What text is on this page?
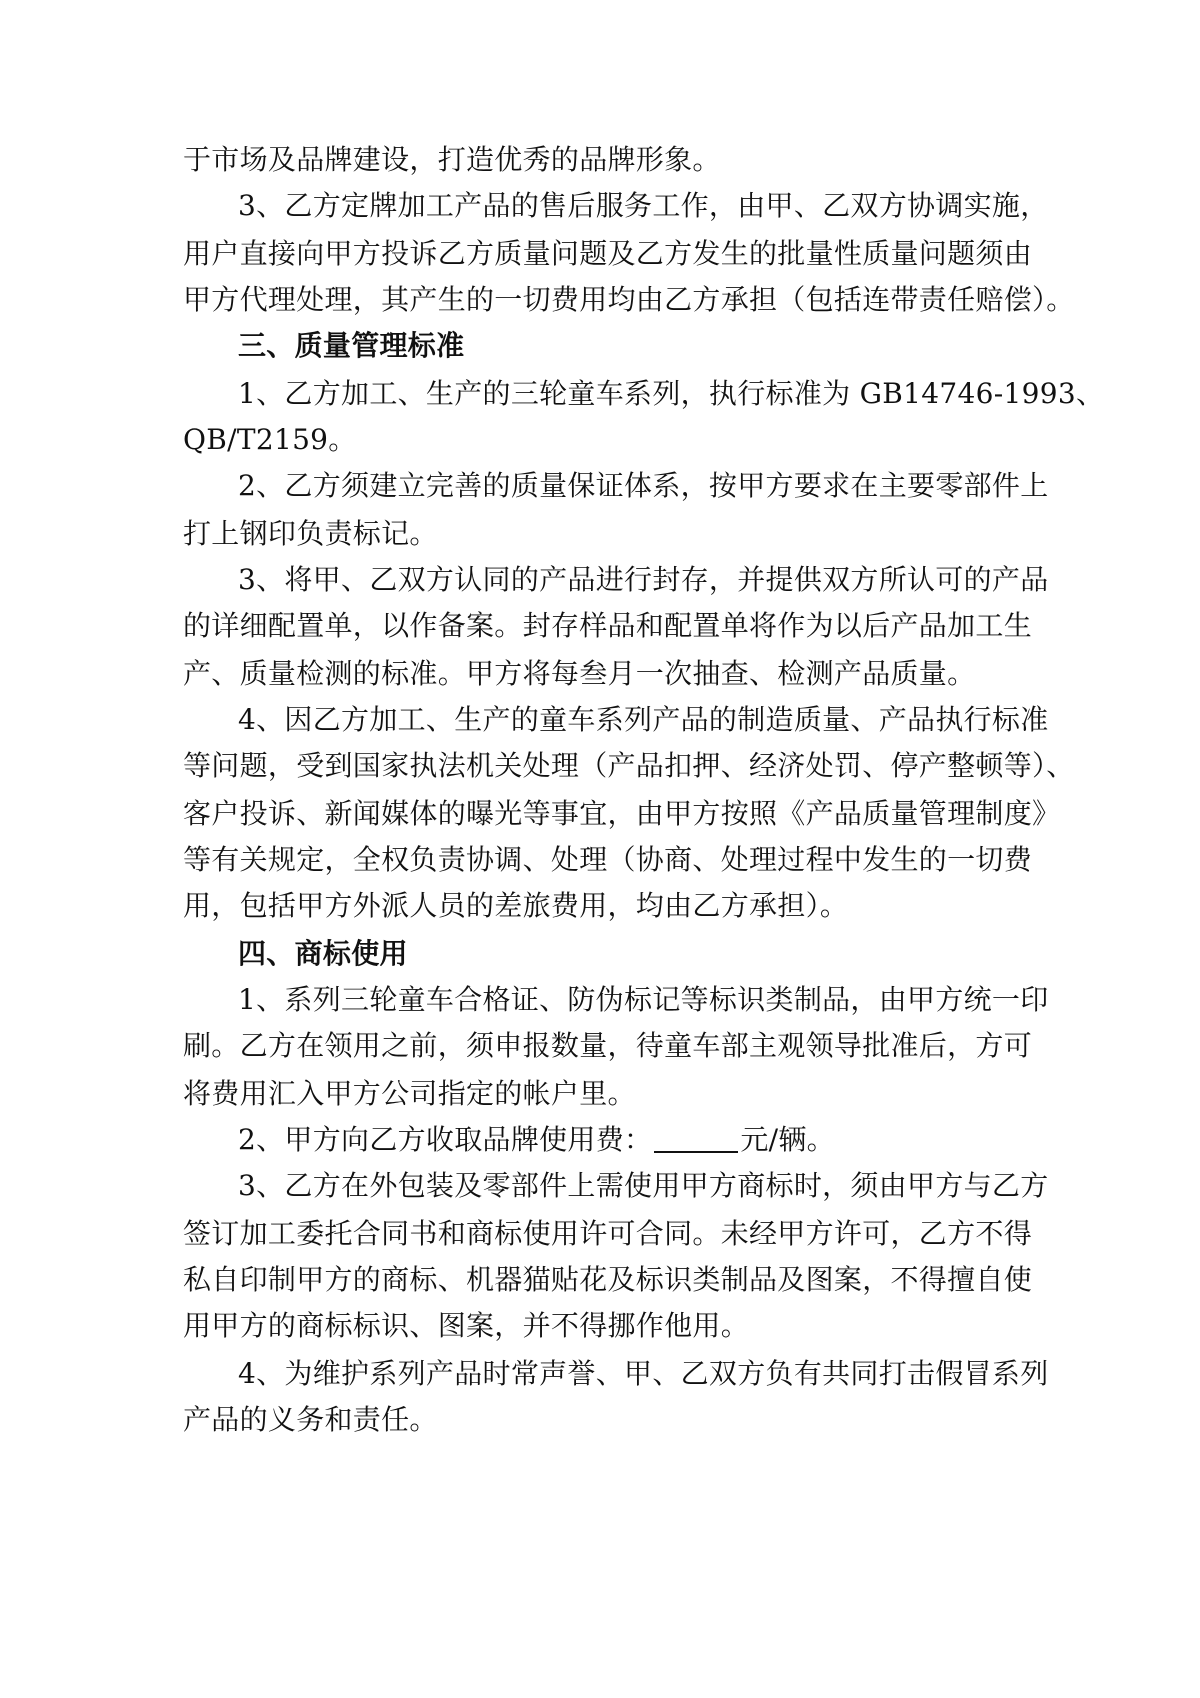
于市场及品牌建设，打造优秀的品牌形象。
3、乙方定牌加工产品的售后服务工作，由甲、乙双方协调实施，
用户直接向甲方投诉乙方质量问题及乙方发生的批量性质量问题须由
甲方代理处理，其产生的一切费用均由乙方承担（包括连带责任赔偿）。
三、质量管理标准
1、乙方加工、生产的三轮童车系列，执行标准为 GB14746-1993、
QB/T2159。
2、乙方须建立完善的质量保证体系，按甲方要求在主要零部件上
打上钢印负责标记。
3、将甲、乙双方认同的产品进行封存，并提供双方所认可的产品
的详细配置单，以作备案。封存样品和配置单将作为以后产品加工生
产、质量检测的标准。甲方将每叁月一次抽查、检测产品质量。
4、因乙方加工、生产的童车系列产品的制造质量、产品执行标准
等问题，受到国家执法机关处理（产品扣押、经济处罚、停产整顿等）、
客户投诉、新闻媒体的曝光等事宜，由甲方按照《产品质量管理制度》
等有关规定，全权负责协调、处理（协商、处理过程中发生的一切费
用，包括甲方外派人员的差旅费用，均由乙方承担）。
四、商标使用
1、系列三轮童车合格证、防伪标记等标识类制品，由甲方统一印
刷。乙方在领用之前，须申报数量，待童车部主观领导批准后，方可
将费用汇入甲方公司指定的帐户里。
2、甲方向乙方收取品牌使用费：	元/辆。
3、乙方在外包装及零部件上需使用甲方商标时，须由甲方与乙方
签订加工委托合同书和商标使用许可合同。未经甲方许可，乙方不得
私自印制甲方的商标、机器猫贴花及标识类制品及图案，不得擅自使
用甲方的商标标识、图案，并不得挪作他用。
4、为维护系列产品时常声誉、甲、乙双方负有共同打击假冒系列
产品的义务和责任。
